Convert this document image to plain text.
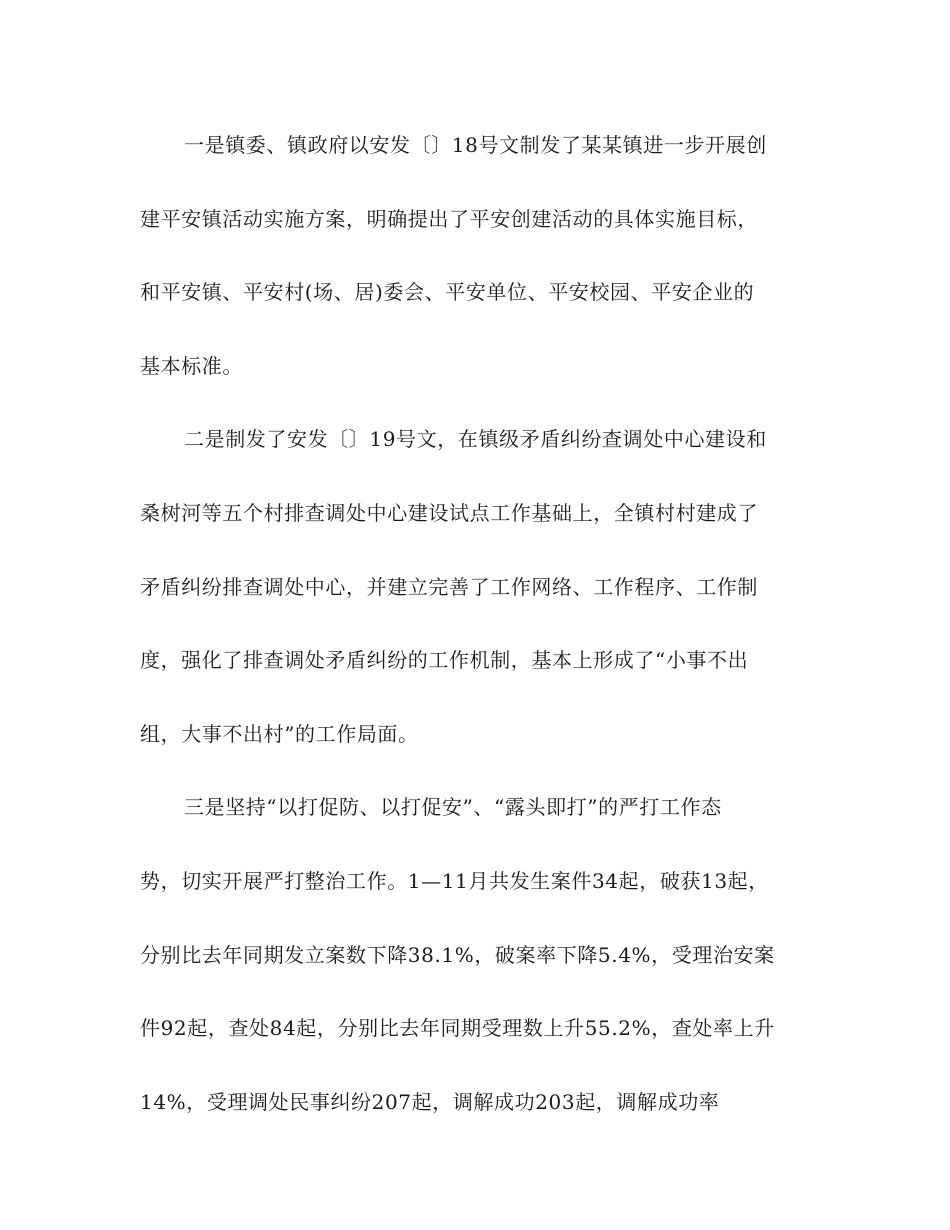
一是镇委、镇政府以安发〔〕18号文制发了某某镇进一步开展创
建平安镇活动实施方案，明确提出了平安创建活动的具体实施目标，
和平安镇、平安村(场、居)委会、平安单位、平安校园、平安企业的
基本标准。
二是制发了安发〔〕19号文，在镇级矛盾纠纷查调处中心建设和
桑树河等五个村排查调处中心建设试点工作基础上，全镇村村建成了
矛盾纠纷排查调处中心，并建立完善了工作网络、工作程序、工作制
度，强化了排查调处矛盾纠纷的工作机制，基本上形成了“小事不出
组，大事不出村”的工作局面。
三是坚持“以打促防、以打促安”、“露头即打”的严打工作态
势，切实开展严打整治工作。1—11月共发生案件34起，破获13起，
分别比去年同期发立案数下降38.1%，破案率下降5.4%，受理治安案
件92起，查处84起，分别比去年同期受理数上升55.2%，查处率上升
14%，受理调处民事纠纷207起，调解成功203起，调解成功率
